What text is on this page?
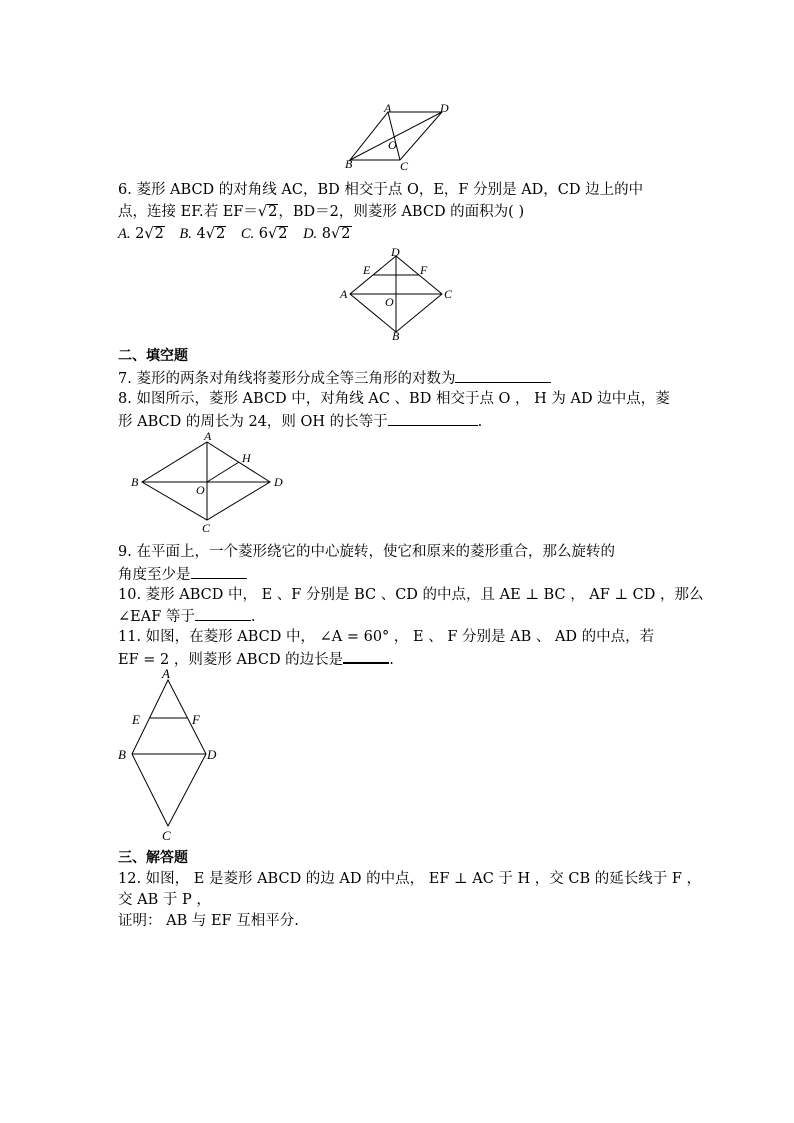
A	D
B	C
O
6. 菱形 ABCD 的对角线 AC，BD 相交于点 O，E，F 分别是 AD，CD 边上的中
点，连接 EF.若 EF＝√2，BD＝2，则菱形 ABCD 的面积为( )
A. 2√2 B. 4√2 C. 6√2 D. 8√2
D
E	F
A	C
O
B
二、填空题
7. 菱形的两条对角线将菱形分成全等三角形的对数为
8. 如图所示，菱形 ABCD 中，对角线 AC 、BD 相交于点 O ， H 为 AD 边中点，菱
形 ABCD 的周长为 24，则 OH 的长等于	.
A
H
B	D
O
C
9. 在平面上，一个菱形绕它的中心旋转，使它和原来的菱形重合，那么旋转的
角度至少是
10. 菱形 ABCD 中， E 、F 分别是 BC 、CD 的中点，且 AE ⊥ BC ， AF ⊥ CD ，那么
∠EAF 等于	.
11. 如图，在菱形 ABCD 中， ∠A = 60° ， E 、 F 分别是 AB 、 AD 的中点，若
EF = 2 ，则菱形 ABCD 的边长是	.
A
E	F
B	D
C
三、解答题
12. 如图， E 是菱形 ABCD 的边 AD 的中点， EF ⊥ AC 于 H ，交 CB 的延长线于 F ，
交 AB 于 P ，
证明： AB 与 EF 互相平分.
